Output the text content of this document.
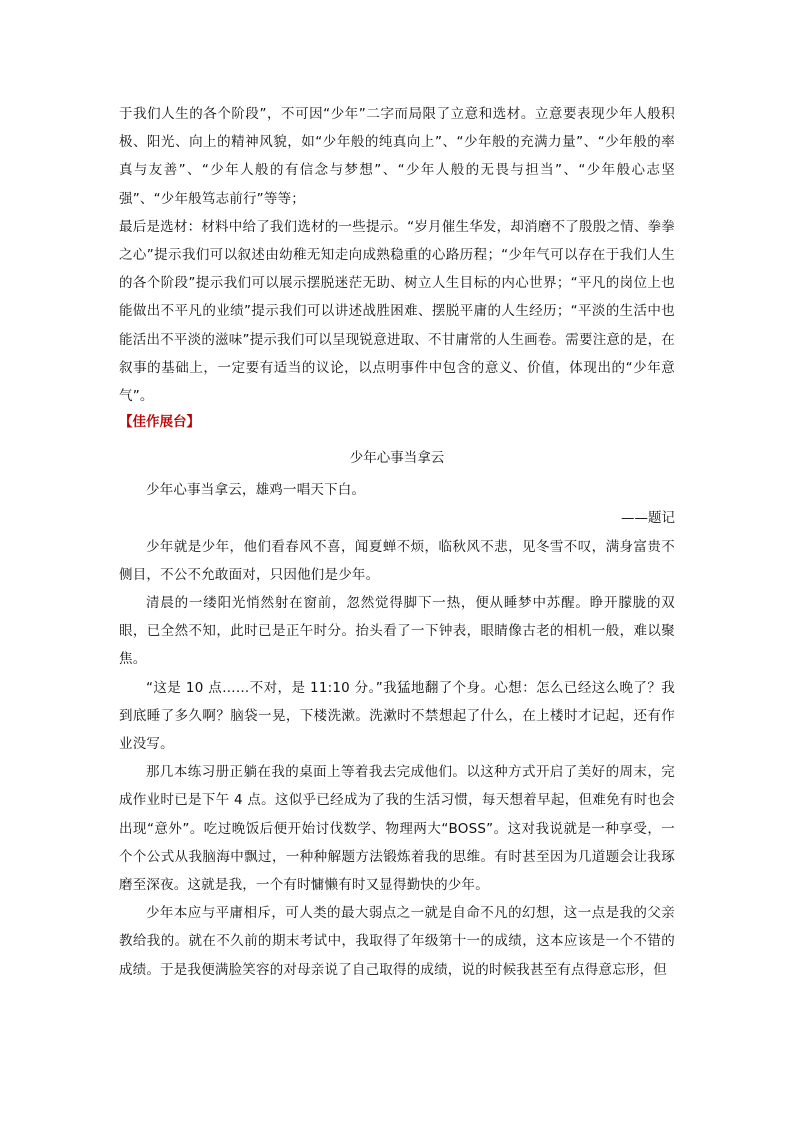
于我们人生的各个阶段”，不可因“少年”二字而局限了立意和选材。立意要表现少年人般积极、阳光、向上的精神风貌，如“少年般的纯真向上”、“少年般的充满力量”、“少年般的率真与友善”、“少年人般的有信念与梦想”、“少年人般的无畏与担当”、“少年般心志坚强”、“少年般笃志前行”等等；

最后是选材：材料中给了我们选材的一些提示。“岁月催生华发，却消磨不了殷殷之情、拳拳之心”提示我们可以叙述由幼稚无知走向成熟稳重的心路历程；“少年气可以存在于我们人生的各个阶段”提示我们可以展示摆脱迷茫无助、树立人生目标的内心世界；“平凡的岗位上也能做出不平凡的业绩”提示我们可以讲述战胜困难、摆脱平庸的人生经历；“平淡的生活中也能活出不平淡的滋味”提示我们可以呈现锐意进取、不甘庸常的人生画卷。需要注意的是，在叙事的基础上，一定要有适当的议论，以点明事件中包含的意义、价值，体现出的“少年意气”。

【佳作展台】

少年心事当拿云

少年心事当拿云，雄鸡一唱天下白。

——题记

少年就是少年，他们看春风不喜，闻夏蝉不烦，临秋风不悲，见冬雪不叹，满身富贵不侧目，不公不允敢面对，只因他们是少年。

清晨的一缕阳光悄然射在窗前，忽然觉得脚下一热，便从睡梦中苏醒。睁开朦胧的双眼，已全然不知，此时已是正午时分。抬头看了一下钟表，眼睛像古老的相机一般，难以聚焦。

“这是 10 点……不对，是 11:10 分。”我猛地翻了个身。心想：怎么已经这么晚了？我到底睡了多久啊？脑袋一晃，下楼洗漱。洗漱时不禁想起了什么，在上楼时才记起，还有作业没写。

那几本练习册正躺在我的桌面上等着我去完成他们。以这种方式开启了美好的周末，完成作业时已是下午 4 点。这似乎已经成为了我的生活习惯，每天想着早起，但难免有时也会出现“意外”。吃过晚饭后便开始讨伐数学、物理两大“BOSS”。这对我说就是一种享受，一个个公式从我脑海中飘过，一种种解题方法锻炼着我的思维。有时甚至因为几道题会让我琢磨至深夜。这就是我，一个有时慵懒有时又显得勤快的少年。

少年本应与平庸相斥，可人类的最大弱点之一就是自命不凡的幻想，这一点是我的父亲教给我的。就在不久前的期末考试中，我取得了年级第十一的成绩，这本应该是一个不错的成绩。于是我便满脸笑容的对母亲说了自己取得的成绩，说的时候我甚至有点得意忘形，但
